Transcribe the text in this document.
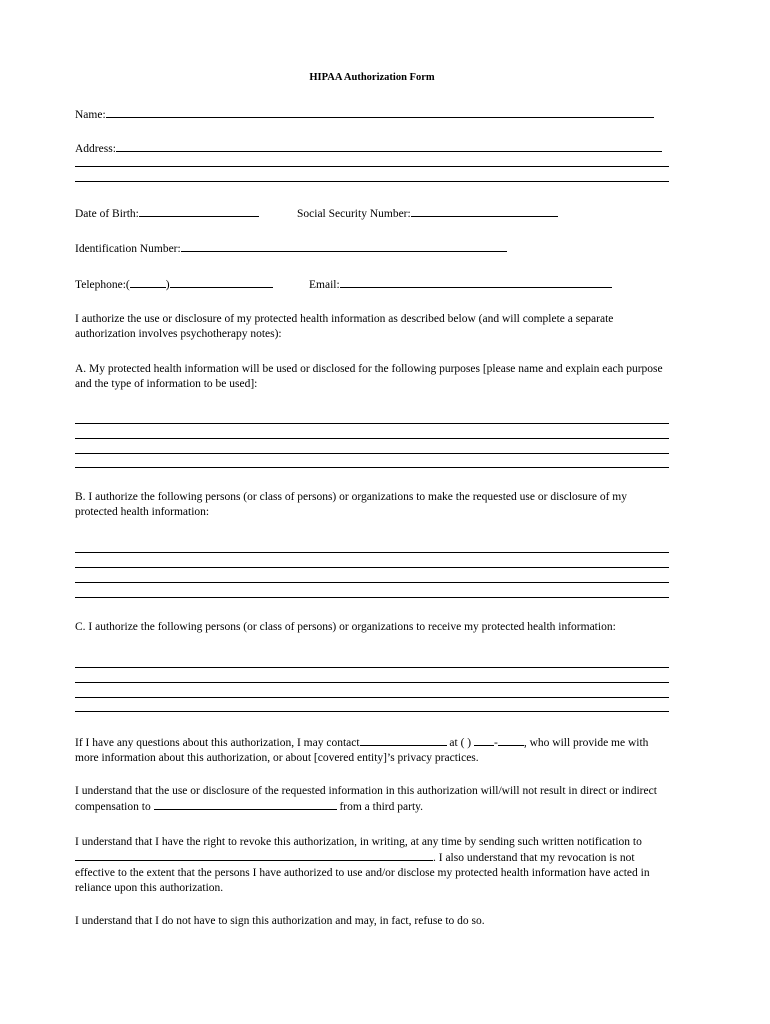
HIPAA Authorization Form
Name:
Address:
Date of Birth:	Social Security Number:
Identification Number:
Telephone:(	)	Email:
I authorize the use or disclosure of my protected health information as described below (and will complete a separate authorization involves psychotherapy notes):
A. My protected health information will be used or disclosed for the following purposes [please name and explain each purpose and the type of information to be used]:
B. I authorize the following persons (or class of persons) or organizations to make the requested use or disclosure of my protected health information:
C. I authorize the following persons (or class of persons) or organizations to receive my protected health information:
If I have any questions about this authorization, I may contact	at ( ) - , who will provide me with more information about this authorization, or about [covered entity]’s privacy practices.
I understand that the use or disclosure of the requested information in this authorization will/will not result in direct or indirect compensation to	from a third party.
I understand that I have the right to revoke this authorization, in writing, at any time by sending such written notification to. I also understand that my revocation is not effective to the extent that the persons I have authorized to use and/or disclose my protected health information have acted in reliance upon this authorization.
I understand that I do not have to sign this authorization and may, in fact, refuse to do so.
